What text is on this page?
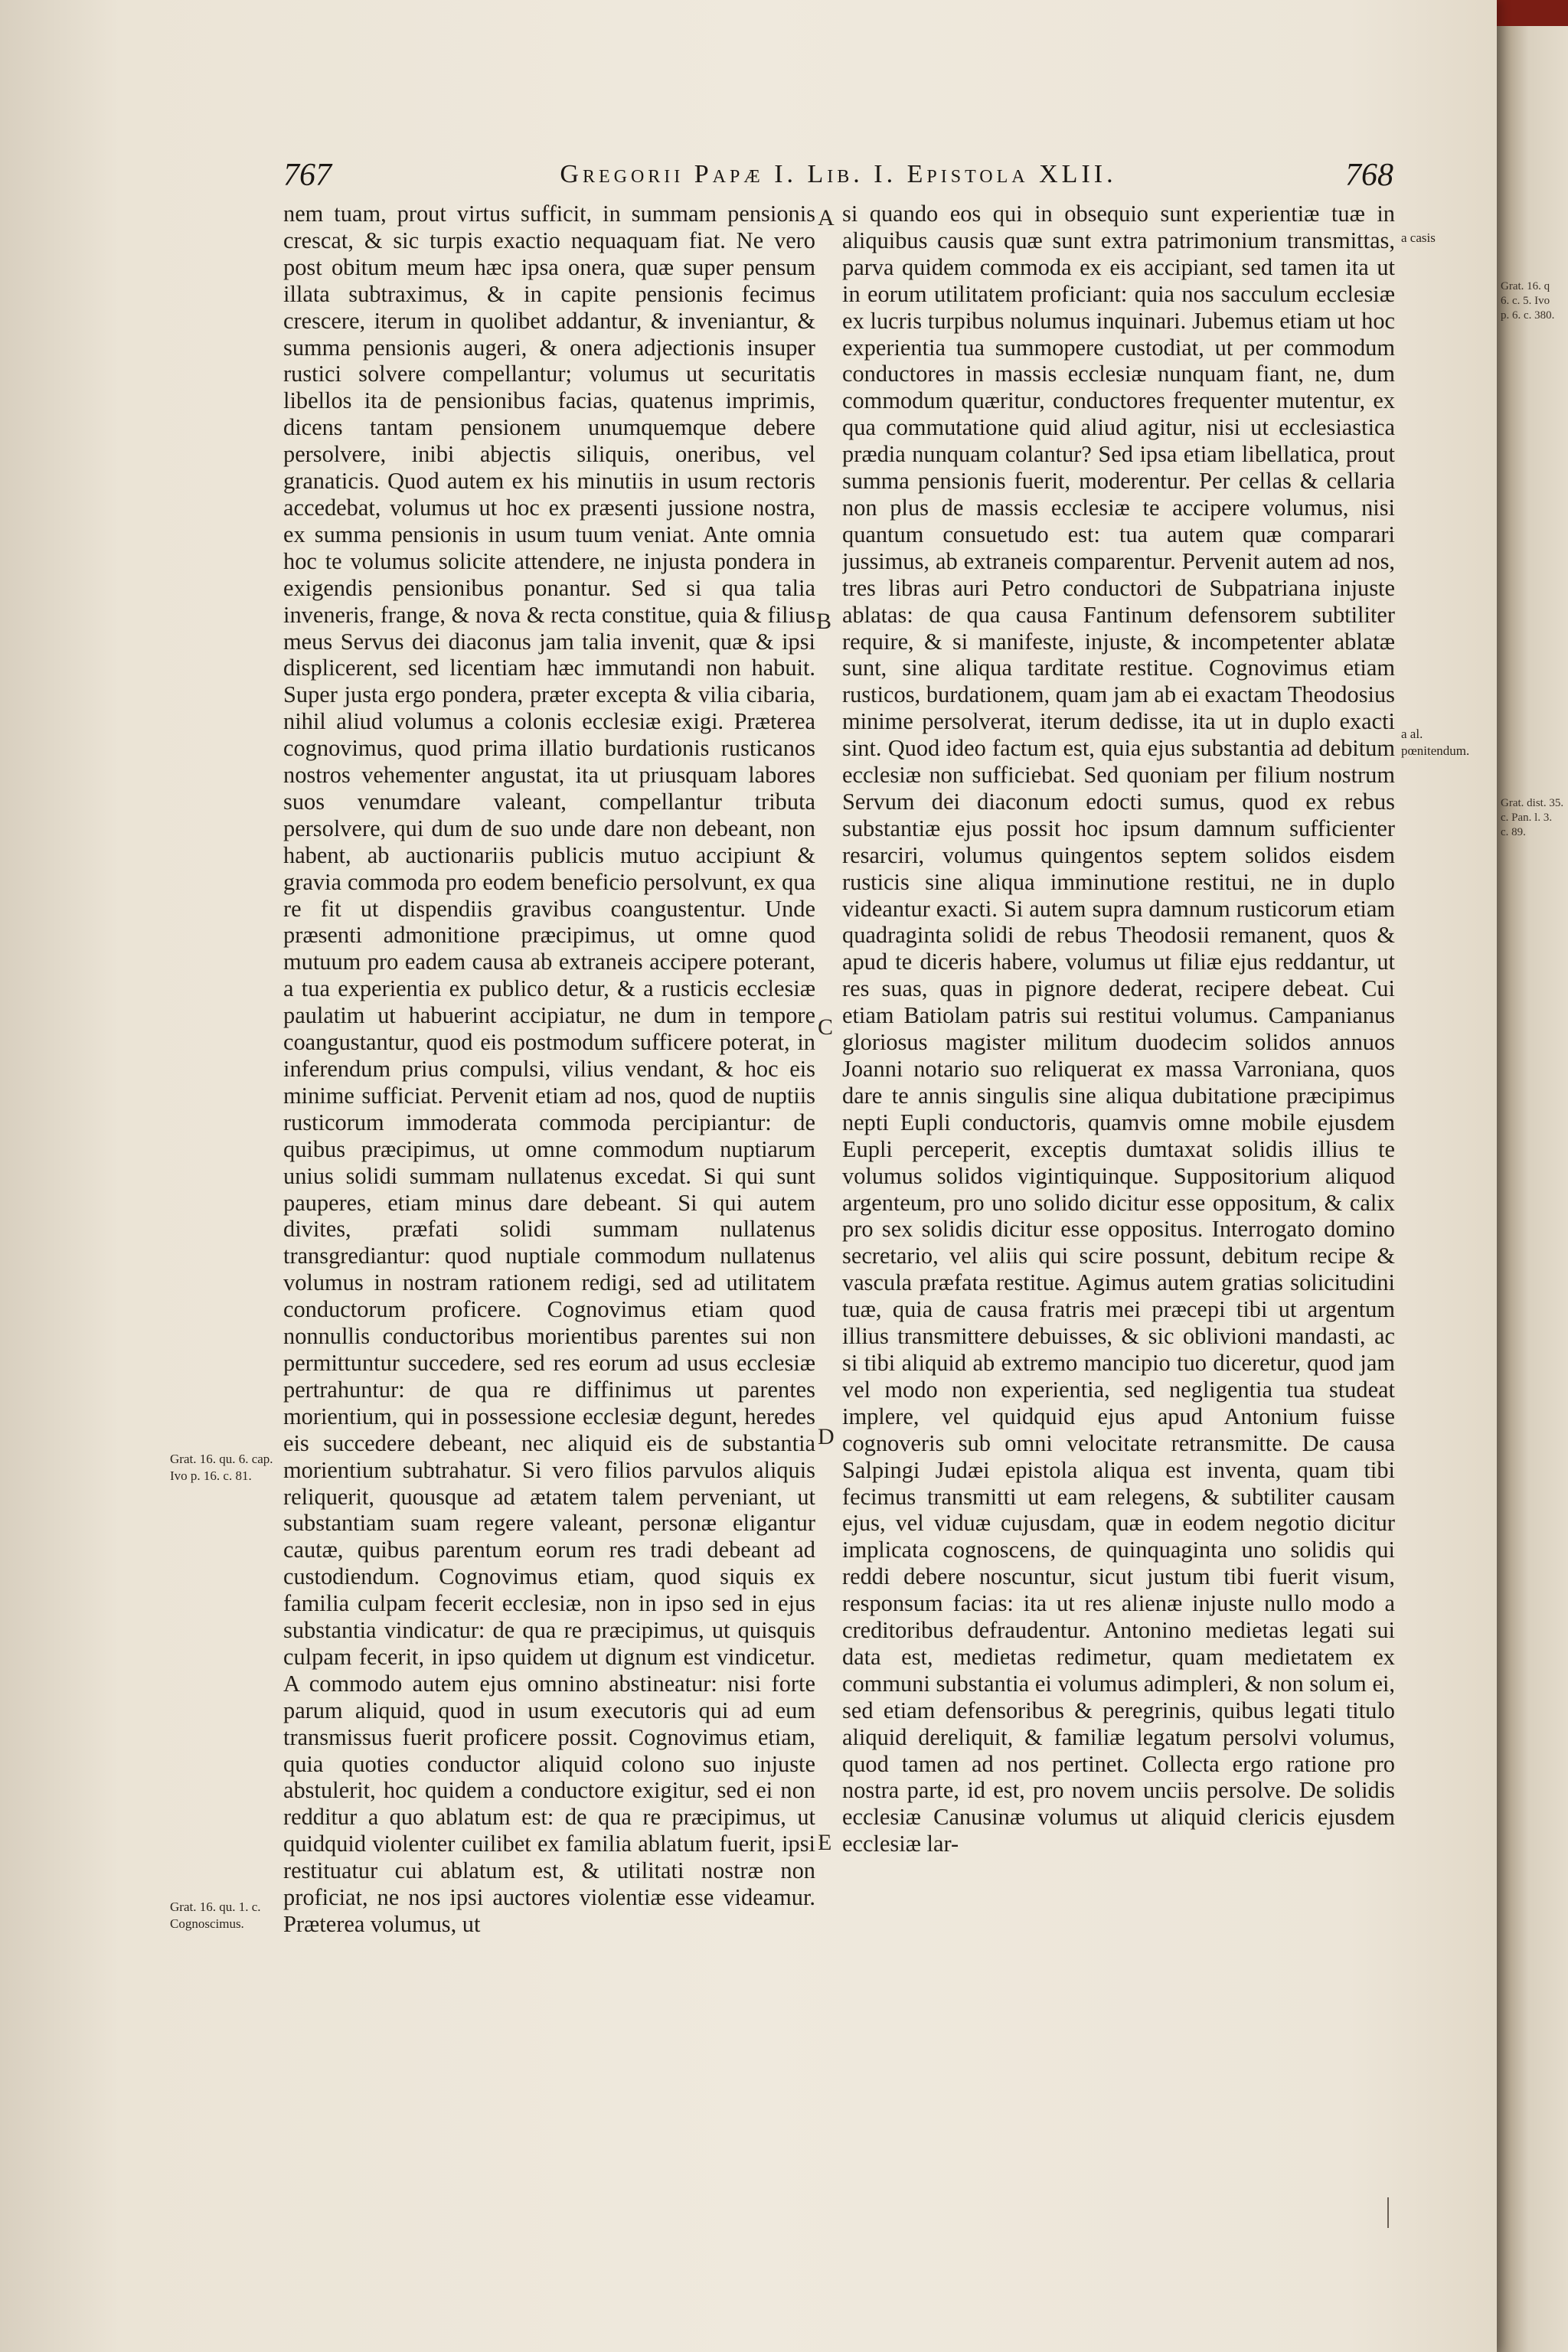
Grat. 16. q
6. c. 5. Ivo
p. 6. c. 380.
Grat. dist. 35.
c. Pan. l. 3.
c. 89.
767	Gregorii Papæ I. Lib. I. Epistola XLII.	768

nem tuam, prout virtus sufficit, in summam pensionis crescat, & sic turpis exactio nequaquam fiat. Ne vero post obitum meum hæc ipsa onera, quæ super pensum illata subtraximus, & in capite pensionis fecimus crescere, iterum in quolibet addantur, & inveniantur, & summa pensionis augeri, & onera adjectionis insuper rustici solvere compellantur; volumus ut securitatis libellos ita de pensionibus facias, quatenus imprimis, dicens tantam pensionem unumquemque debere persolvere, inibi abjectis siliquis, oneribus, vel granaticis. Quod autem ex his minutiis in usum rectoris accedebat, volumus ut hoc ex præsenti jussione nostra, ex summa pensionis in usum tuum veniat. Ante omnia hoc te volumus solicite attendere, ne injusta pondera in exigendis pensionibus ponantur. Sed si qua talia inveneris, frange, & nova & recta constitue, quia & filius meus Servus dei diaconus jam talia invenit, quæ & ipsi displicerent, sed licentiam hæc immutandi non habuit. Super justa ergo pondera, præter excepta & vilia cibaria, nihil aliud volumus a colonis ecclesiæ exigi. Præterea cognovimus, quod prima illatio burdationis rusticanos nostros vehementer angustat, ita ut priusquam labores suos venumdare valeant, compellantur tributa persolvere, qui dum de suo unde dare non debeant, non habent, ab auctionariis publicis mutuo accipiunt & gravia commoda pro eodem beneficio persolvunt, ex qua re fit ut dispendiis gravibus coangustentur. Unde præsenti admonitione præcipimus, ut omne quod mutuum pro eadem causa ab extraneis accipere poterant, a tua experientia ex publico detur, & a rusticis ecclesiæ paulatim ut habuerint accipiatur, ne dum in tempore coangustantur, quod eis postmodum sufficere poterat, in inferendum prius compulsi, vilius vendant, & hoc eis minime sufficiat. Pervenit etiam ad nos, quod de nuptiis rusticorum immoderata commoda percipiantur: de quibus præcipimus, ut omne commodum nuptiarum unius solidi summam nullatenus excedat. Si qui sunt pauperes, etiam minus dare debeant. Si qui autem divites, præfati solidi summam nullatenus transgrediantur: quod nuptiale commodum nullatenus volumus in nostram rationem redigi, sed ad utilitatem conductorum proficere. Cognovimus etiam quod nonnullis conductoribus morientibus parentes sui non permittuntur succedere, sed res eorum ad usus ecclesiæ pertrahuntur: de qua re diffinimus ut parentes morientium, qui in possessione ecclesiæ degunt, heredes eis succedere debeant, nec aliquid eis de substantia morientium subtrahatur. Si vero filios parvulos aliquis reliquerit, quousque ad ætatem talem perveniant, ut substantiam suam regere valeant, personæ eligantur cautæ, quibus parentum eorum res tradi debeant ad custodiendum. Cognovimus etiam, quod siquis ex familia culpam fecerit ecclesiæ, non in ipso sed in ejus substantia vindicatur: de qua re præcipimus, ut quisquis culpam fecerit, in ipso quidem ut dignum est vindicetur. A commodo autem ejus omnino abstineatur: nisi forte parum aliquid, quod in usum executoris qui ad eum transmissus fuerit proficere possit. Cognovimus etiam, quia quoties conductor aliquid colono suo injuste abstulerit, hoc quidem a conductore exigitur, sed ei non redditur a quo ablatum est: de qua re præcipimus, ut quidquid violenter cuilibet ex familia ablatum fuerit, ipsi restituatur cui ablatum est, & utilitati nostræ non proficiat, ne nos ipsi auctores violentiæ esse videamur. Præterea volumus, ut

si quando eos qui in obsequio sunt experientiæ tuæ in aliquibus causis quæ sunt extra patrimonium transmittas, parva quidem commoda ex eis accipiant, sed tamen ita ut in eorum utilitatem proficiant: quia nos sacculum ecclesiæ ex lucris turpibus nolumus inquinari. Jubemus etiam ut hoc experientia tua summopere custodiat, ut per commodum conductores in massis ecclesiæ nunquam fiant, ne, dum commodum quæritur, conductores frequenter mutentur, ex qua commutatione quid aliud agitur, nisi ut ecclesiastica prædia nunquam colantur? Sed ipsa etiam libellatica, prout summa pensionis fuerit, moderentur. Per cellas & cellaria non plus de massis ecclesiæ te accipere volumus, nisi quantum consuetudo est: tua autem quæ comparari jussimus, ab extraneis comparentur. Pervenit autem ad nos, tres libras auri Petro conductori de Subpatriana injuste ablatas: de qua causa Fantinum defensorem subtiliter require, & si manifeste, injuste, & incompetenter ablatæ sunt, sine aliqua tarditate restitue. Cognovimus etiam rusticos, burdationem, quam jam ab ei exactam Theodosius minime persolverat, iterum dedisse, ita ut in duplo exacti sint. Quod ideo factum est, quia ejus substantia ad debitum ecclesiæ non sufficiebat. Sed quoniam per filium nostrum Servum dei diaconum edocti sumus, quod ex rebus substantiæ ejus possit hoc ipsum damnum sufficienter resarciri, volumus quingentos septem solidos eisdem rusticis sine aliqua imminutione restitui, ne in duplo videantur exacti. Si autem supra damnum rusticorum etiam quadraginta solidi de rebus Theodosii remanent, quos & apud te diceris habere, volumus ut filiæ ejus reddantur, ut res suas, quas in pignore dederat, recipere debeat. Cui etiam Batiolam patris sui restitui volumus. Campanianus gloriosus magister militum duodecim solidos annuos Joanni notario suo reliquerat ex massa Varroniana, quos dare te annis singulis sine aliqua dubitatione præcipimus nepti Eupli conductoris, quamvis omne mobile ejusdem Eupli perceperit, exceptis dumtaxat solidis illius te volumus solidos vigintiquinque. Suppositorium aliquod argenteum, pro uno solido dicitur esse oppositum, & calix pro sex solidis dicitur esse oppositus. Interrogato domino secretario, vel aliis qui scire possunt, debitum recipe & vascula præfata restitue. Agimus autem gratias solicitudini tuæ, quia de causa fratris mei præcepi tibi ut argentum illius transmittere debuisses, & sic oblivioni mandasti, ac si tibi aliquid ab extremo mancipio tuo diceretur, quod jam vel modo non experientia, sed negligentia tua studeat implere, vel quidquid ejus apud Antonium fuisse cognoveris sub omni velocitate retransmitte. De causa Salpingi Judæi epistola aliqua est inventa, quam tibi fecimus transmitti ut eam relegens, & subtiliter causam ejus, vel viduæ cujusdam, quæ in eodem negotio dicitur implicata cognoscens, de quinquaginta uno solidis qui reddi debere noscuntur, sicut justum tibi fuerit visum, responsum facias: ita ut res alienæ injuste nullo modo a creditoribus defraudentur. Antonino medietas legati sui data est, medietas redimetur, quam medietatem ex communi substantia ei volumus adimpleri, & non solum ei, sed etiam defensoribus & peregrinis, quibus legati titulo aliquid dereliquit, & familiæ legatum persolvi volumus, quod tamen ad nos pertinet. Collecta ergo ratione pro nostra parte, id est, pro novem unciis persolve. De solidis ecclesiæ Canusinæ volumus ut aliquid clericis ejusdem ecclesiæ lar-

A
B
C
D
E
Grat. 16. qu. 6. cap. Ivo p. 16. c. 81.
Grat. 16. qu. 1. c. Cognoscimus.
a casis
a al. pœnitendum.
